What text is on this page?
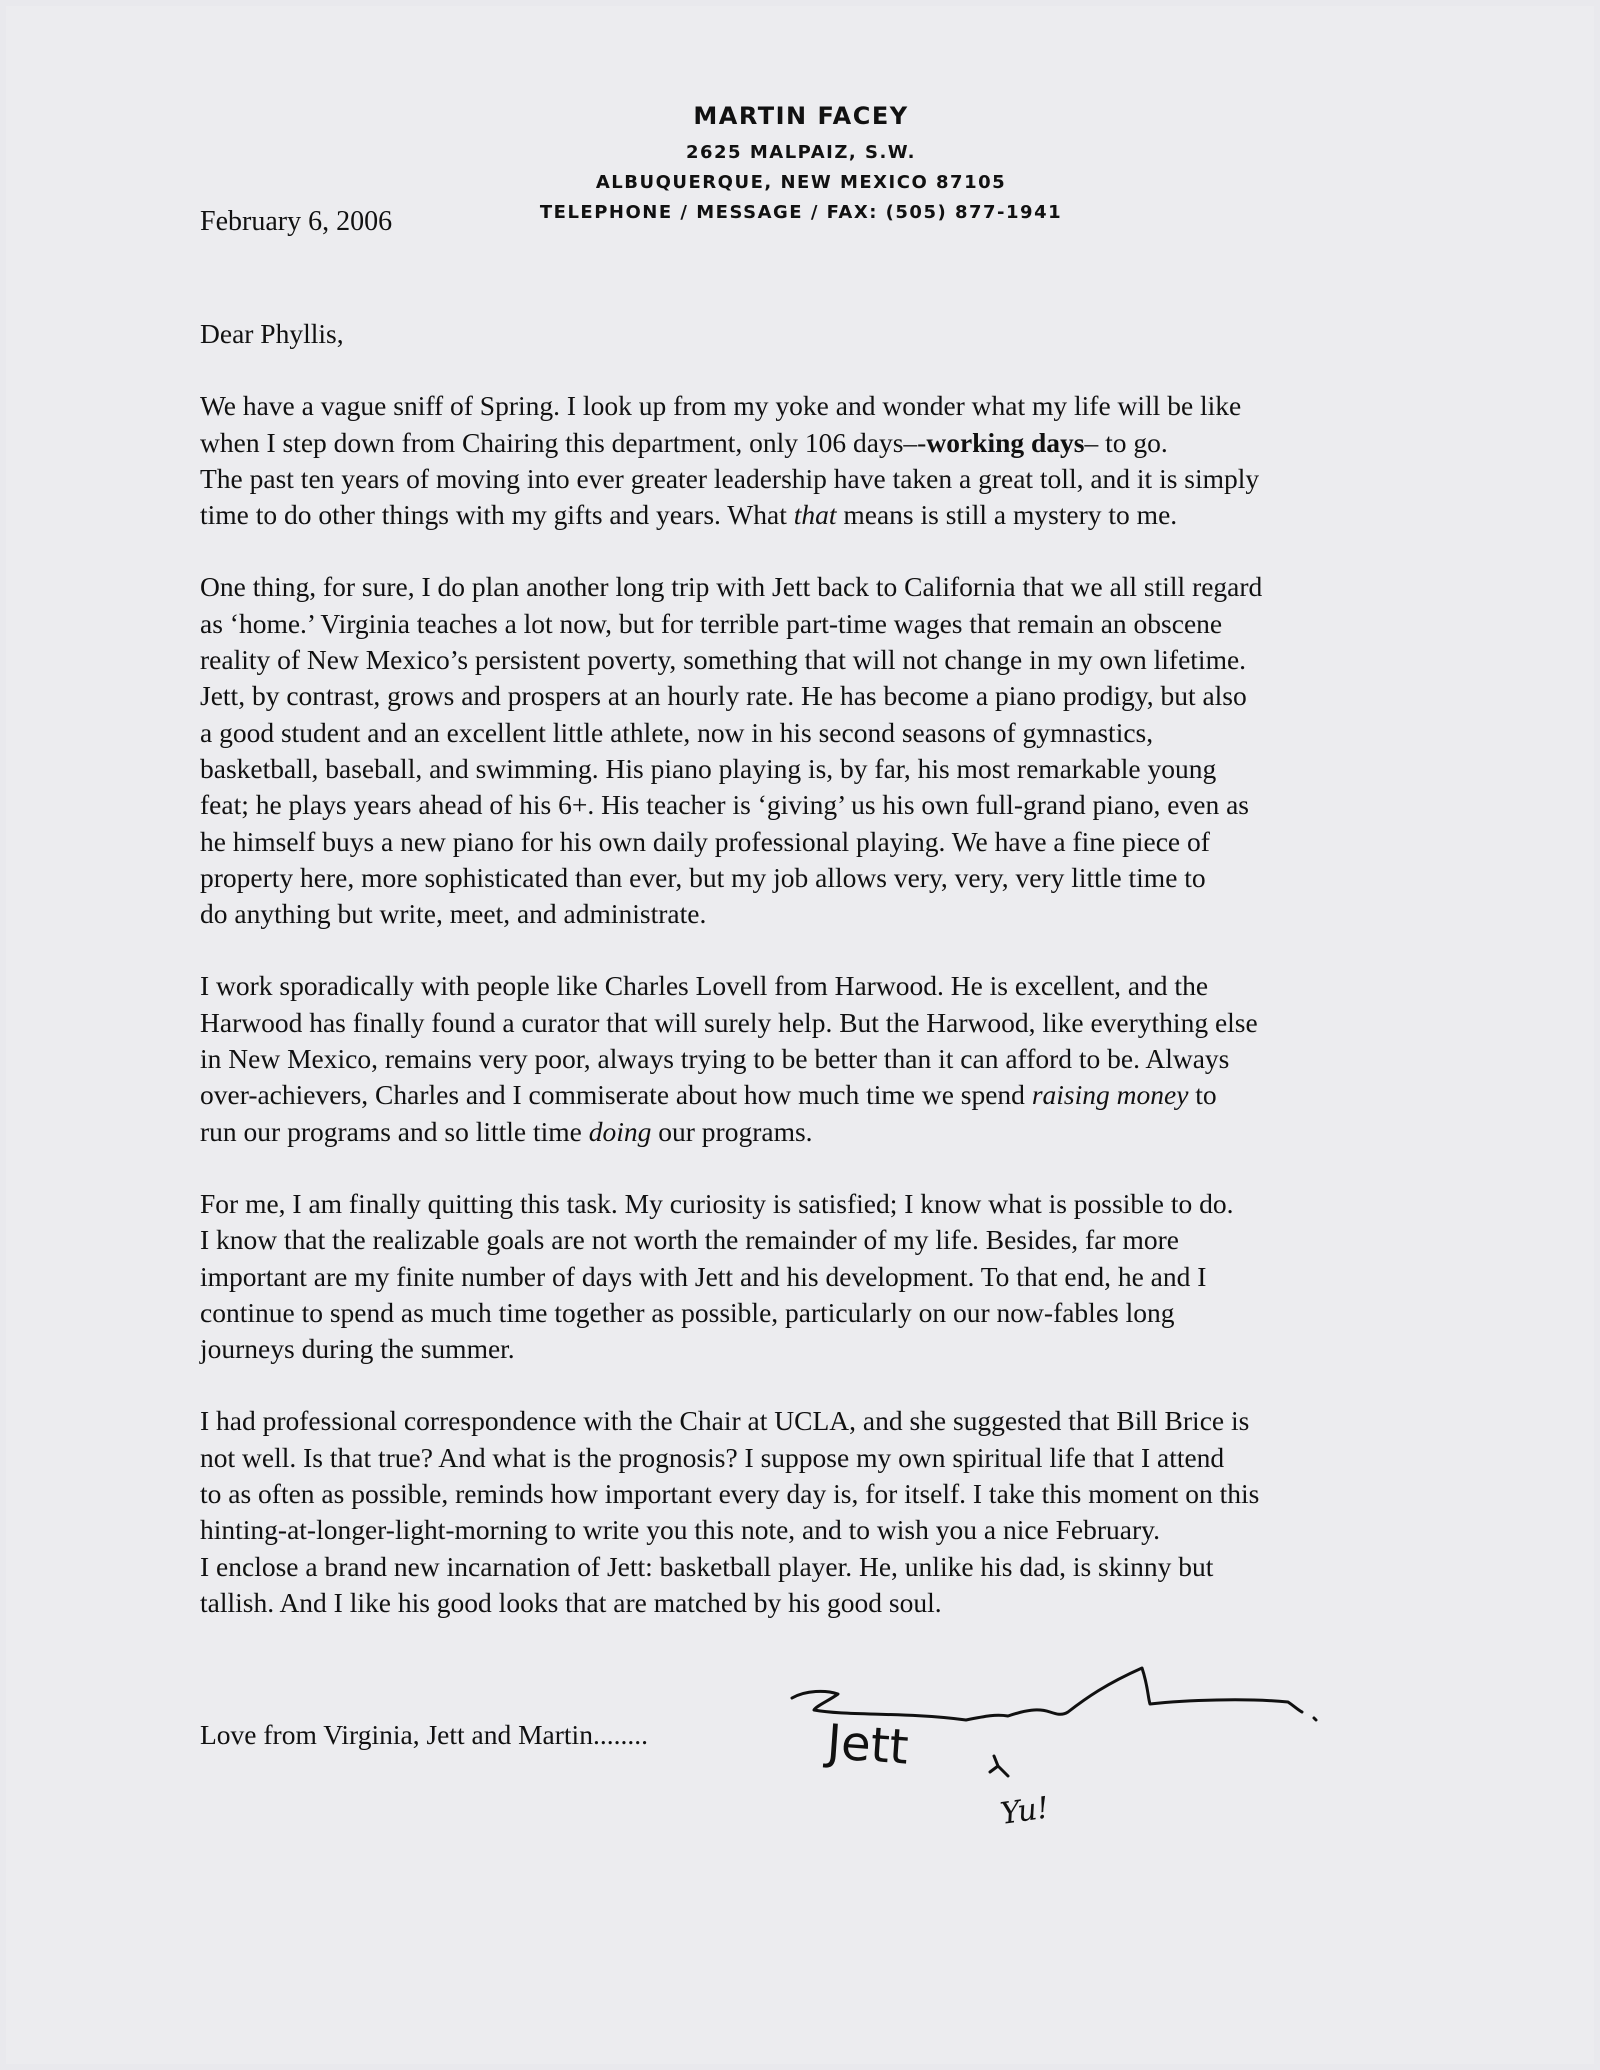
MARTIN FACEY
2625 MALPAIZ, S.W.
ALBUQUERQUE, NEW MEXICO 87105
TELEPHONE / MESSAGE / FAX: (505) 877-1941
February 6, 2006
Dear Phyllis,
We have a vague sniff of Spring. I look up from my yoke and wonder what my life will be like
when I step down from Chairing this department, only 106 days–-working days– to go.
The past ten years of moving into ever greater leadership have taken a great toll, and it is simply
time to do other things with my gifts and years. What that means is still a mystery to me.
One thing, for sure, I do plan another long trip with Jett back to California that we all still regard
as ‘home.’ Virginia teaches a lot now, but for terrible part-time wages that remain an obscene
reality of New Mexico’s persistent poverty, something that will not change in my own lifetime.
Jett, by contrast, grows and prospers at an hourly rate. He has become a piano prodigy, but also
a good student and an excellent little athlete, now in his second seasons of gymnastics,
basketball, baseball, and swimming. His piano playing is, by far, his most remarkable young
feat; he plays years ahead of his 6+. His teacher is ‘giving’ us his own full-grand piano, even as
he himself buys a new piano for his own daily professional playing. We have a fine piece of
property here, more sophisticated than ever, but my job allows very, very, very little time to
do anything but write, meet, and administrate.
I work sporadically with people like Charles Lovell from Harwood. He is excellent, and the
Harwood has finally found a curator that will surely help. But the Harwood, like everything else
in New Mexico, remains very poor, always trying to be better than it can afford to be. Always
over-achievers, Charles and I commiserate about how much time we spend raising money to
run our programs and so little time doing our programs.
For me, I am finally quitting this task. My curiosity is satisfied; I know what is possible to do.
I know that the realizable goals are not worth the remainder of my life. Besides, far more
important are my finite number of days with Jett and his development. To that end, he and I
continue to spend as much time together as possible, particularly on our now-fables long
journeys during the summer.
I had professional correspondence with the Chair at UCLA, and she suggested that Bill Brice is
not well. Is that true? And what is the prognosis? I suppose my own spiritual life that I attend
to as often as possible, reminds how important every day is, for itself. I take this moment on this
hinting-at-longer-light-morning to write you this note, and to wish you a nice February.
I enclose a brand new incarnation of Jett: basketball player. He, unlike his dad, is skinny but
tallish. And I like his good looks that are matched by his good soul.
Love from Virginia, Jett and Martin........	Jett
Yu!
